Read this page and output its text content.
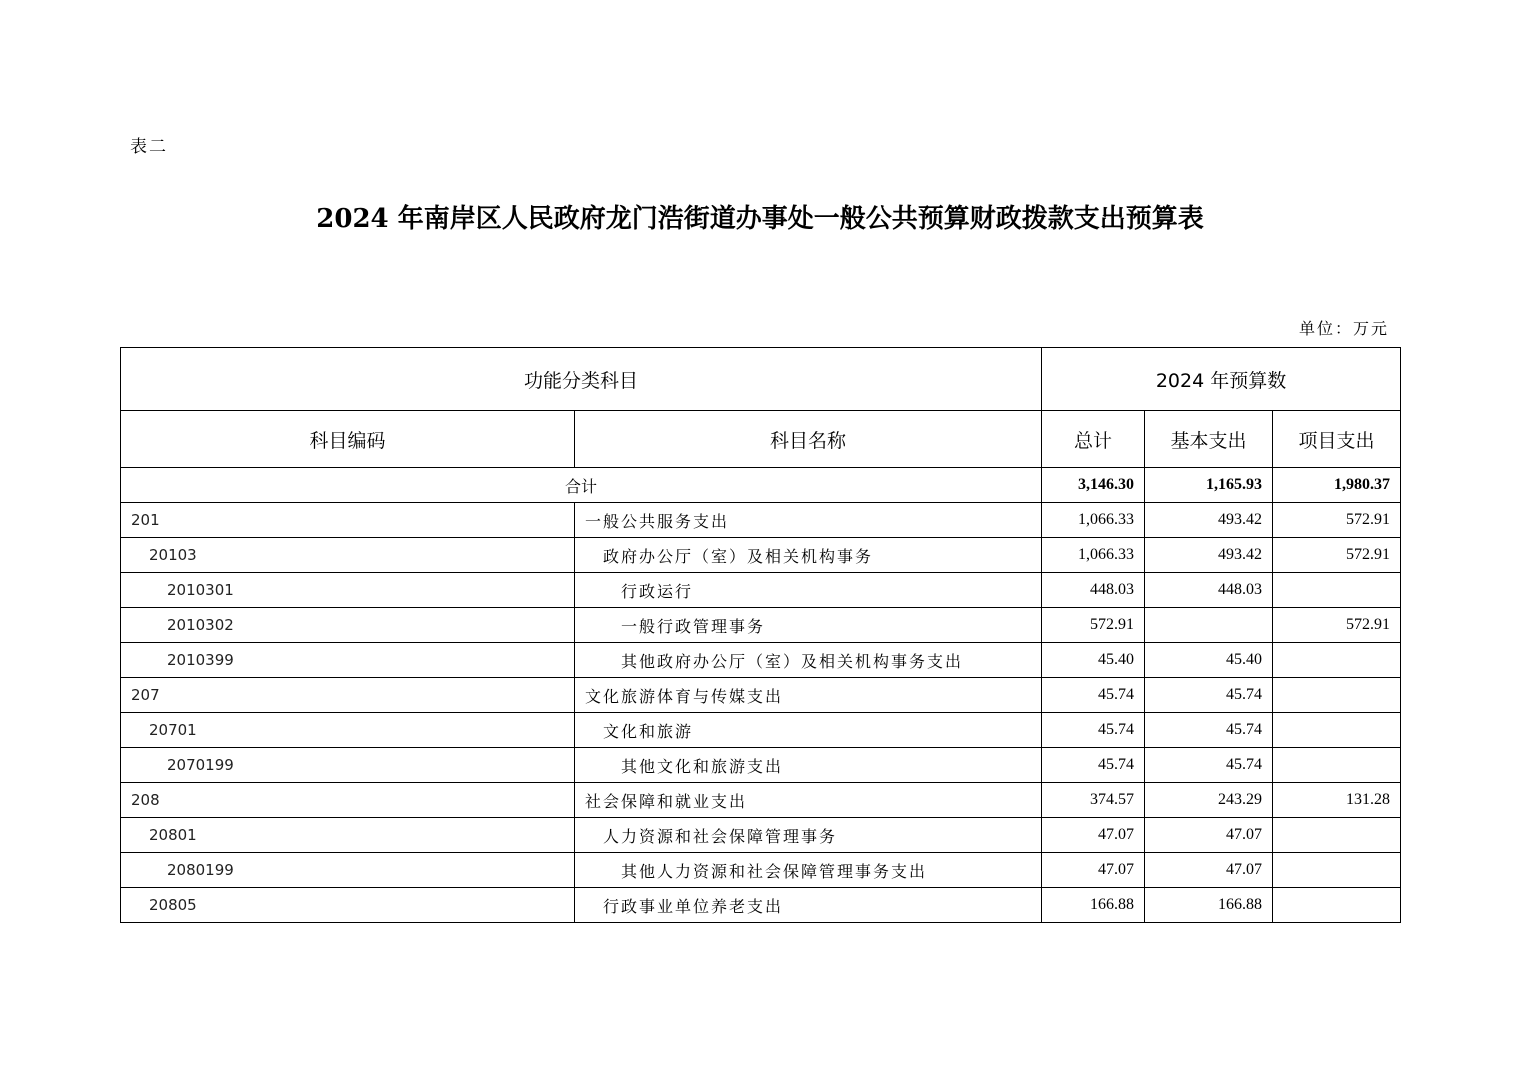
表二
2024 年南岸区人民政府龙门浩街道办事处一般公共预算财政拨款支出预算表
单位：万元
功能分类科目		2024 年预算数		
科目编码	科目名称	总计	基本支出	项目支出
合计		3,146.30	1,165.93	1,980.37
201	一般公共服务支出	1,066.33	493.42	572.91
20103	政府办公厅（室）及相关机构事务	1,066.33	493.42	572.91
2010301	行政运行	448.03	448.03	
2010302	一般行政管理事务	572.91		572.91
2010399	其他政府办公厅（室）及相关机构事务支出	45.40	45.40	
207	文化旅游体育与传媒支出	45.74	45.74	
20701	文化和旅游	45.74	45.74	
2070199	其他文化和旅游支出	45.74	45.74	
208	社会保障和就业支出	374.57	243.29	131.28
20801	人力资源和社会保障管理事务	47.07	47.07	
2080199	其他人力资源和社会保障管理事务支出	47.07	47.07	
20805	行政事业单位养老支出	166.88	166.88	
